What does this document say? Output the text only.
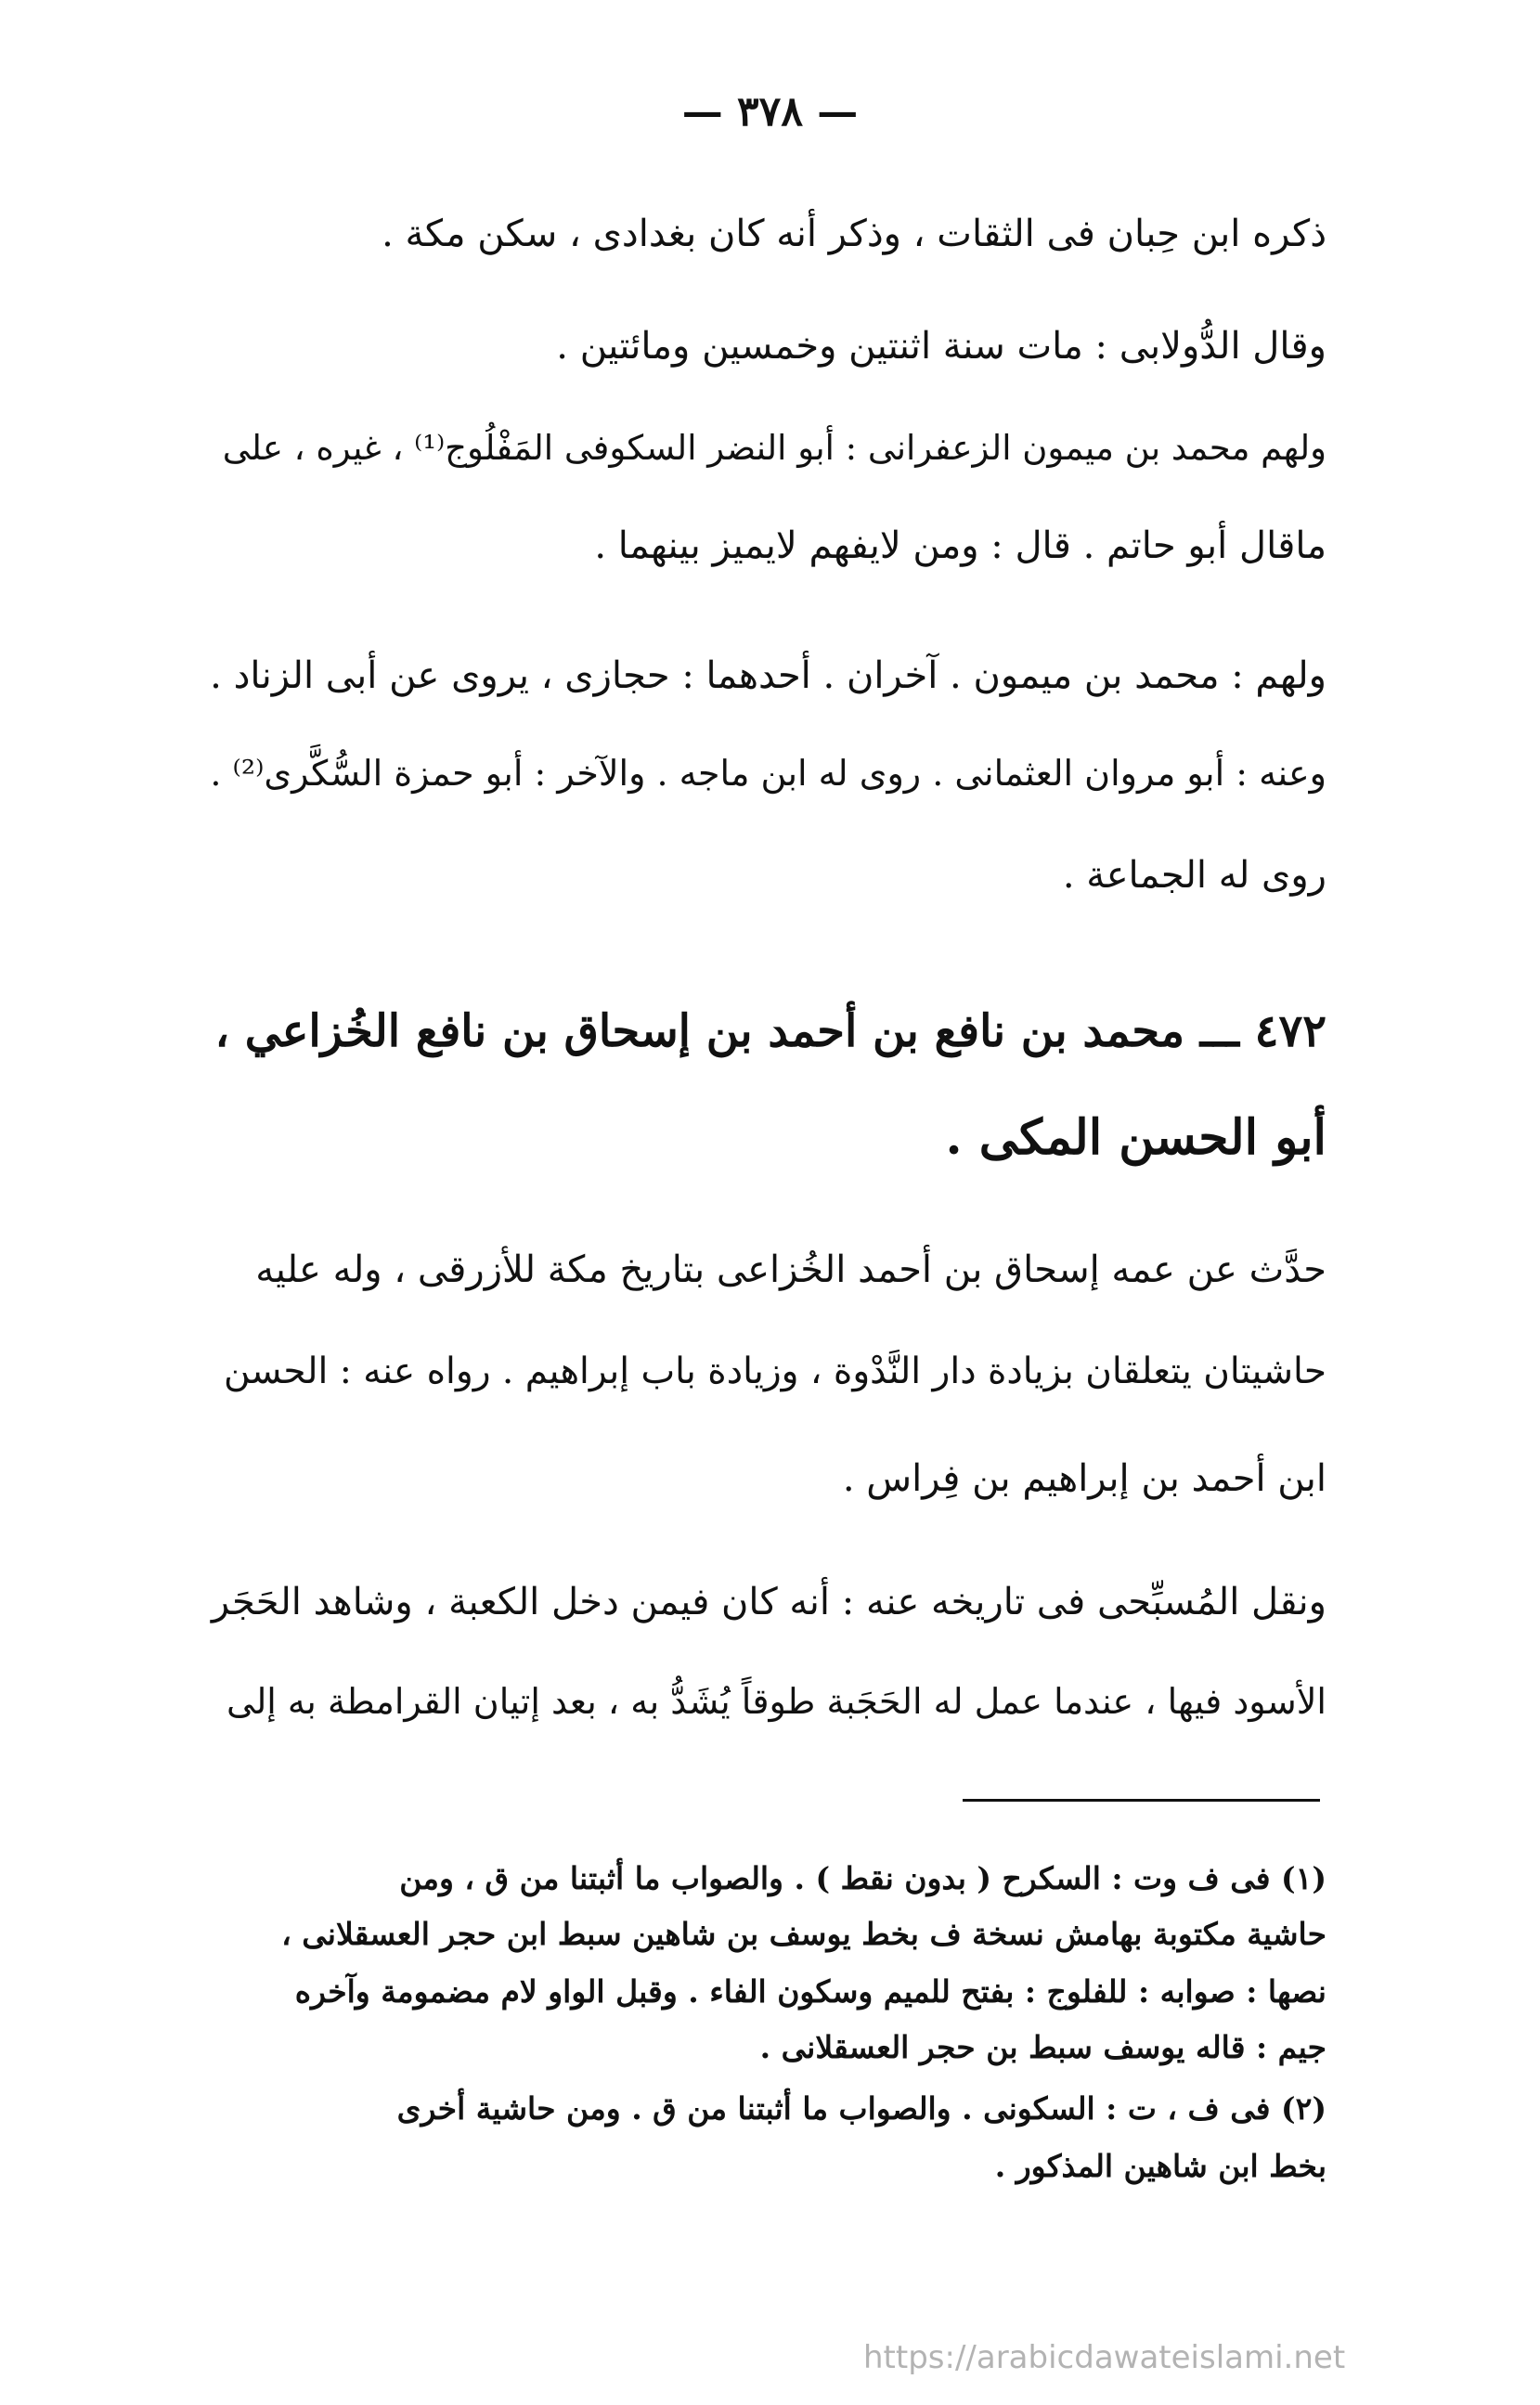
— ٣٧٨ —
ذكره ابن حِبان فى الثقات ، وذكر أنه كان بغدادى ، سكن مكة .
وقال الدُّولابى : مات سنة اثنتين وخمسين ومائتين .
ولهم محمد بن ميمون الزعفرانى : أبو النضر السكوفى المَفْلُوج⁽¹⁾ ، غيره ، على
ماقال أبو حاتم . قال : ومن لايفهم لايميز بينهما .
ولهم : محمد بن ميمون . آخران . أحدهما : حجازى ، يروى عن أبى الزناد .
وعنه : أبو مروان العثمانى . روى له ابن ماجه . والآخر : أبو حمزة السُّكَّرى⁽²⁾ .
روى له الجماعة .
٤٧٢ ـــ محمد بن نافع بن أحمد بن إسحاق بن نافع الخُزاعي ،
أبو الحسن المكى .
حدَّث عن عمه إسحاق بن أحمد الخُزاعى بتاريخ مكة للأزرقى ، وله عليه
حاشيتان يتعلقان بزيادة دار النَّدْوة ، وزيادة باب إبراهيم . رواه عنه : الحسن
ابن أحمد بن إبراهيم بن فِراس .
ونقل المُسبِّحى فى تاريخه عنه : أنه كان فيمن دخل الكعبة ، وشاهد الحَجَر
الأسود فيها ، عندما عمل له الحَجَبة طوقاً يُشَدُّ به ، بعد إتيان القرامطة به إلى
(١) فى ف وت : السكرح ( بدون نقط ) . والصواب ما أثبتنا من ق ، ومن
حاشية مكتوبة بهامش نسخة ف بخط يوسف بن شاهين سبط ابن حجر العسقلانى ،
نصها : صوابه : للفلوج : بفتح للميم وسكون الفاء . وقبل الواو لام مضمومة وآخره
جيم : قاله يوسف سبط بن حجر العسقلانى .
(٢) فى ف ، ت : السكونى . والصواب ما أثبتنا من ق . ومن حاشية أخرى
بخط ابن شاهين المذكور .
https://arabicdawateislami.net
